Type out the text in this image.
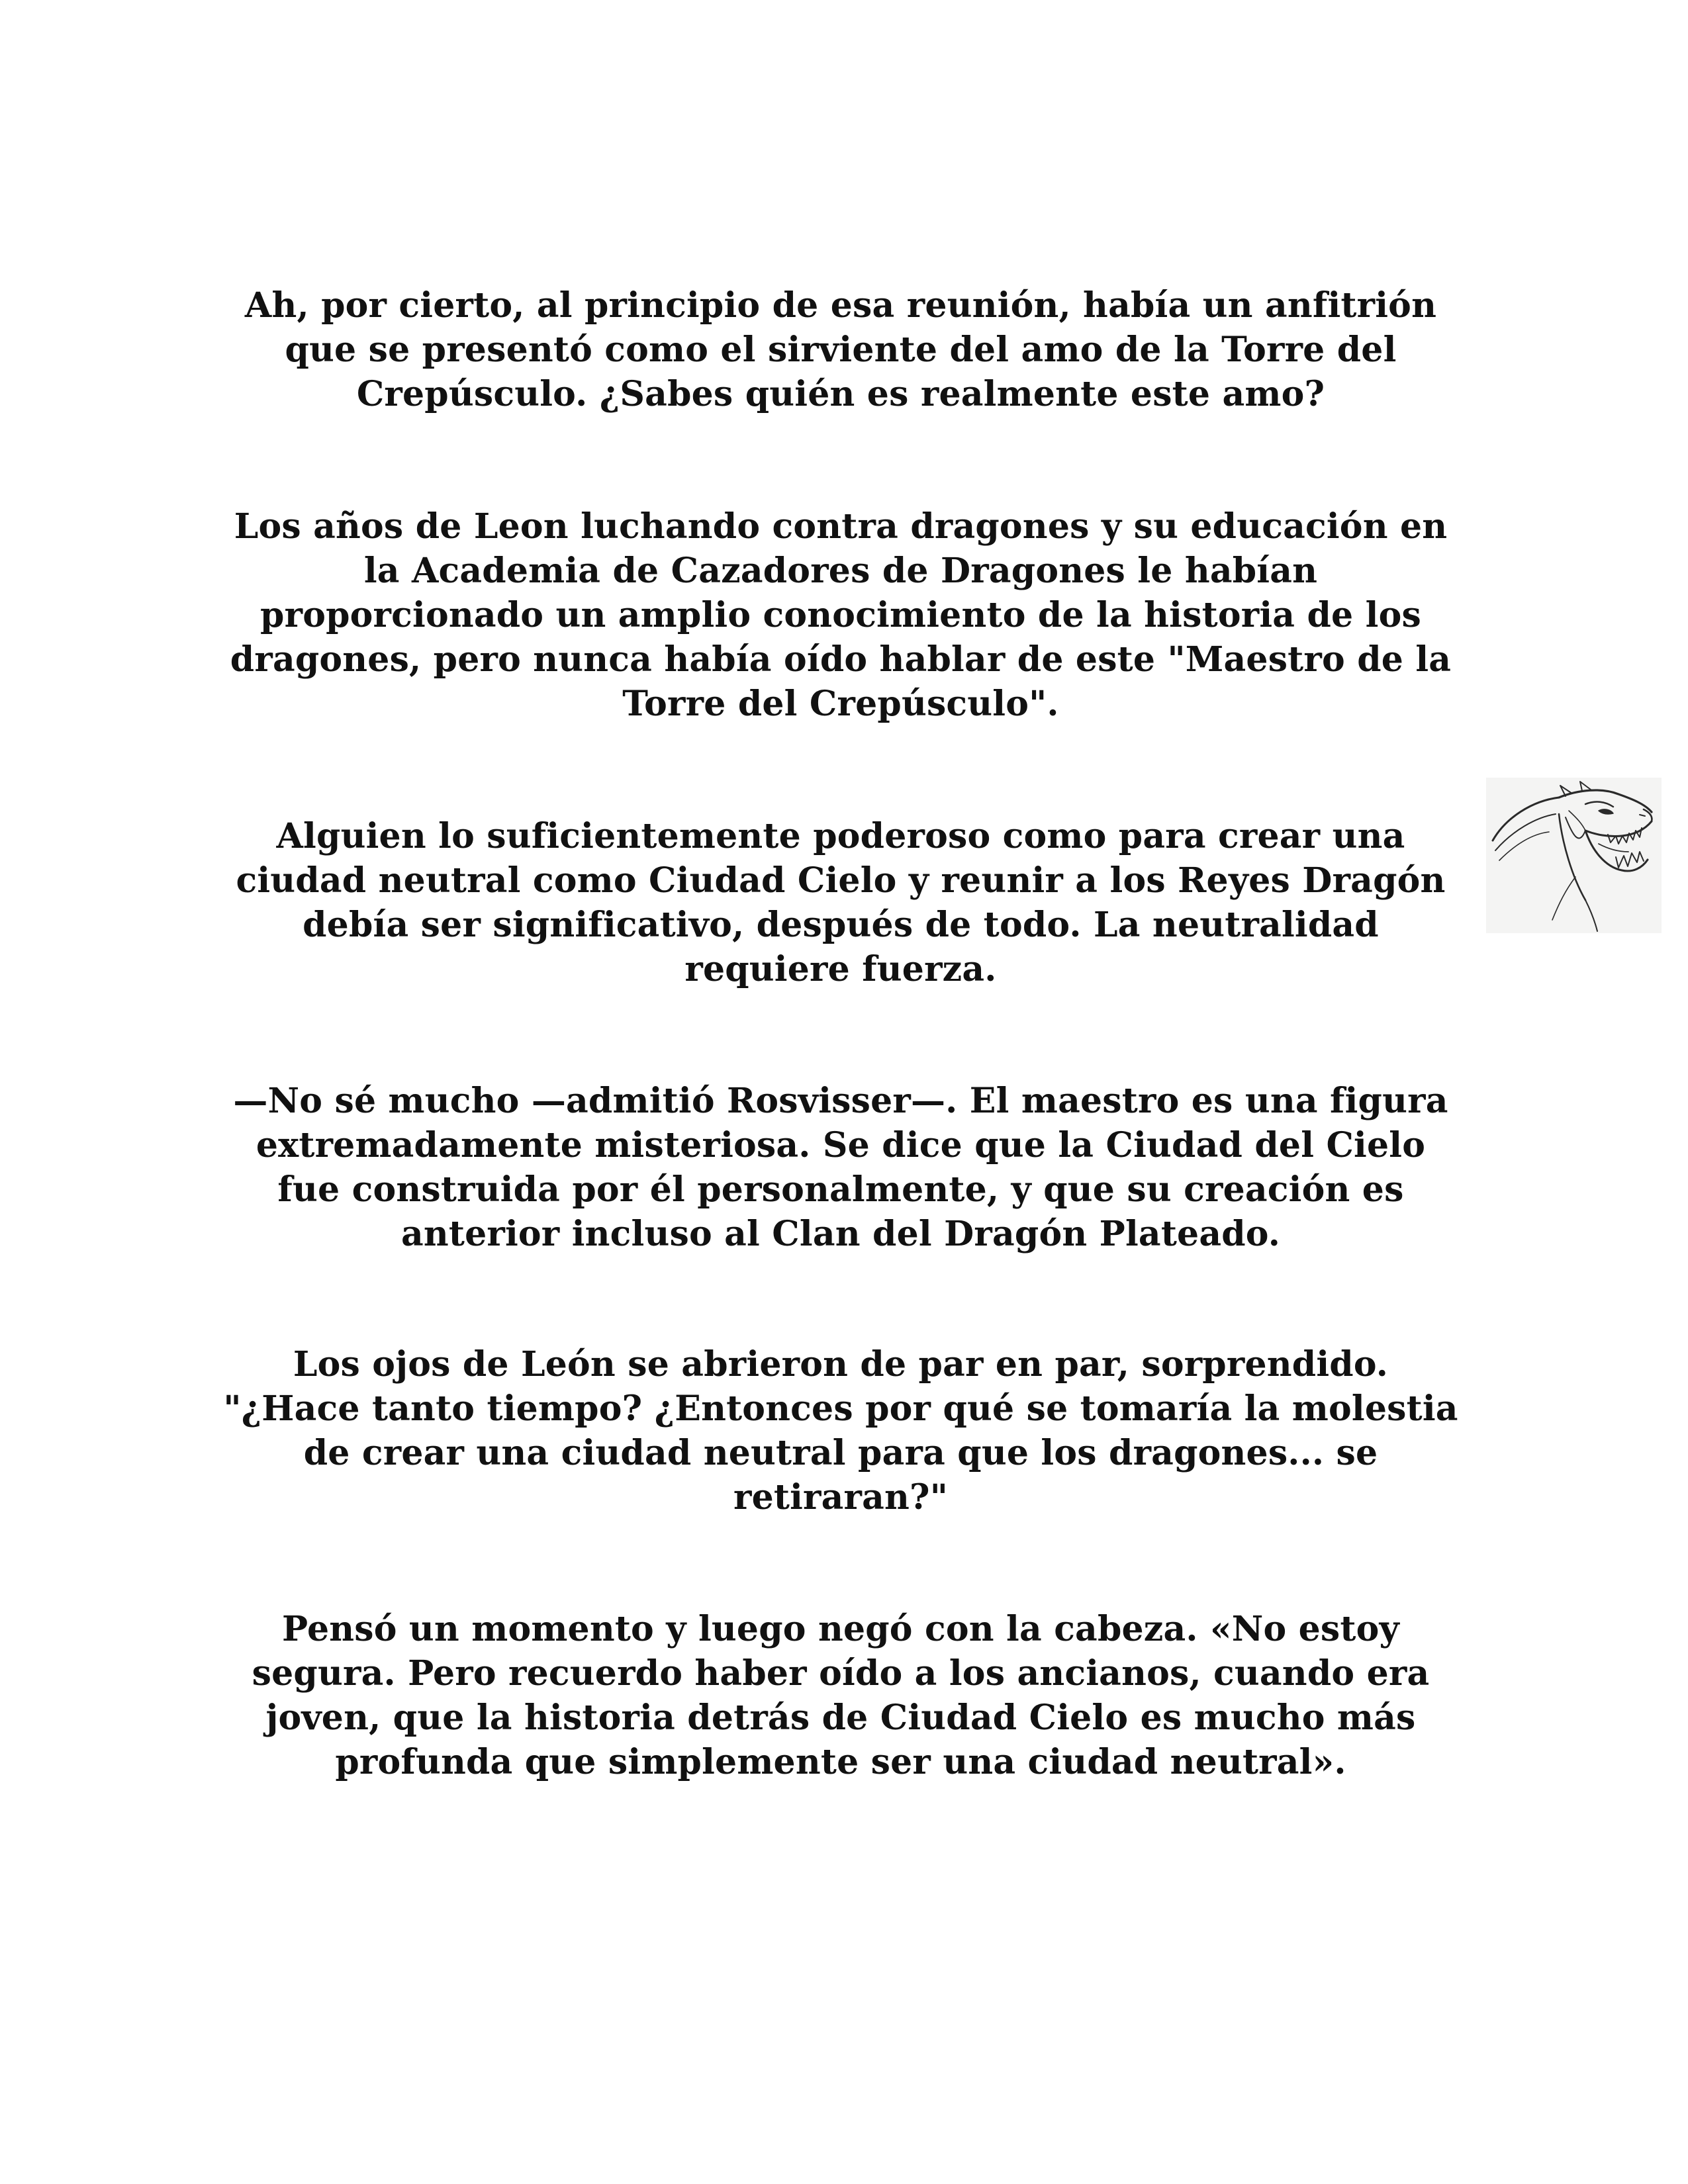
Ah, por cierto, al principio de esa reunión, había un anfitrión
que se presentó como el sirviente del amo de la Torre del
Crepúsculo. ¿Sabes quién es realmente este amo?

Los años de Leon luchando contra dragones y su educación en
la Academia de Cazadores de Dragones le habían
proporcionado un amplio conocimiento de la historia de los
dragones, pero nunca había oído hablar de este "Maestro de la
Torre del Crepúsculo".

Alguien lo suficientemente poderoso como para crear una
ciudad neutral como Ciudad Cielo y reunir a los Reyes Dragón
debía ser significativo, después de todo. La neutralidad
requiere fuerza.

—No sé mucho —admitió Rosvisser—. El maestro es una figura
extremadamente misteriosa. Se dice que la Ciudad del Cielo
fue construida por él personalmente, y que su creación es
anterior incluso al Clan del Dragón Plateado.

Los ojos de León se abrieron de par en par, sorprendido.
"¿Hace tanto tiempo? ¿Entonces por qué se tomaría la molestia
de crear una ciudad neutral para que los dragones... se
retiraran?"

Pensó un momento y luego negó con la cabeza. «No estoy
segura. Pero recuerdo haber oído a los ancianos, cuando era
joven, que la historia detrás de Ciudad Cielo es mucho más
profunda que simplemente ser una ciudad neutral».
